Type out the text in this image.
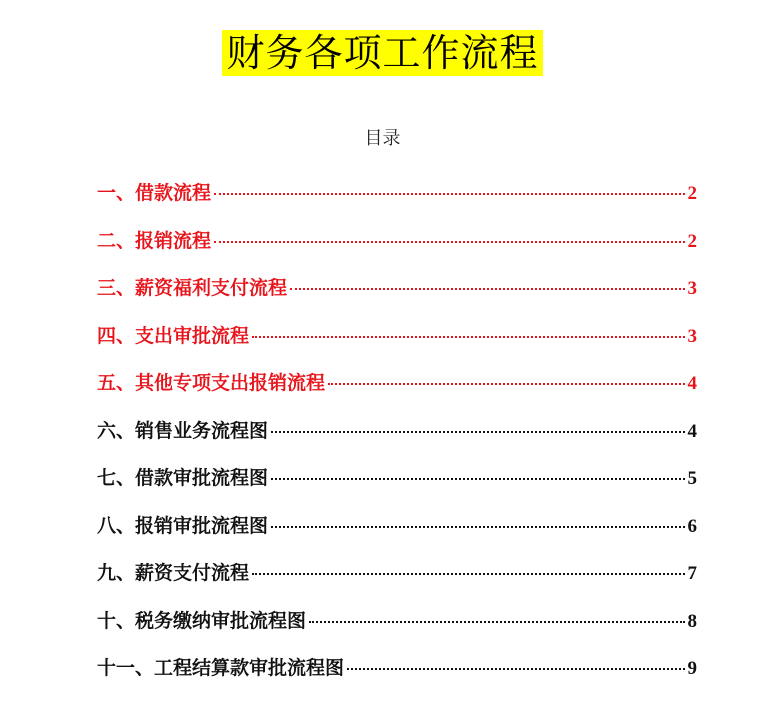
财务各项工作流程
目录
一、借款流程	2
二、报销流程	2
三、薪资福利支付流程	3
四、支出审批流程	3
五、其他专项支出报销流程	4
六、销售业务流程图	4
七、借款审批流程图	5
八、报销审批流程图	6
九、薪资支付流程	7
十、税务缴纳审批流程图	8
十一、工程结算款审批流程图	9
